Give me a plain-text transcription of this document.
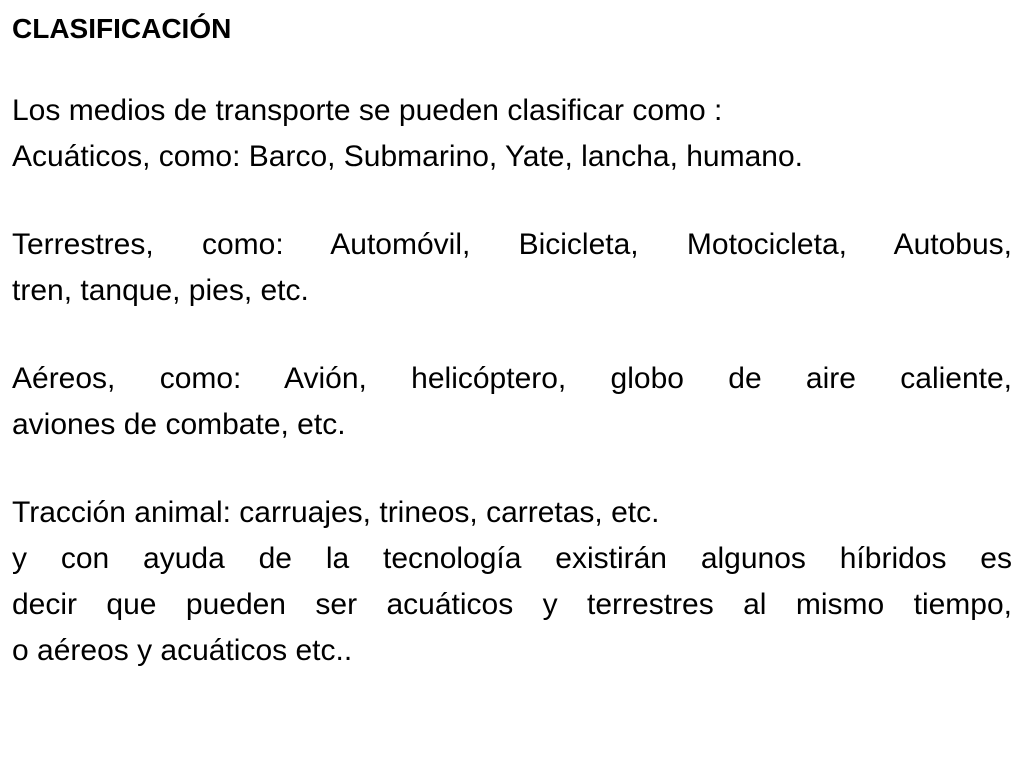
CLASIFICACIÓN

Los medios de transporte se pueden clasificar como :

Acuáticos, como: Barco, Submarino, Yate, lancha, humano.

Terrestres, como: Automóvil, Bicicleta, Motocicleta, Autobus,

tren, tanque, pies, etc.

Aéreos, como: Avión, helicóptero, globo de aire caliente,

aviones de combate, etc.

Tracción animal: carruajes, trineos, carretas, etc.

y con ayuda de la tecnología existirán algunos híbridos es

decir que pueden ser acuáticos y terrestres al mismo tiempo,

o aéreos y acuáticos etc..
